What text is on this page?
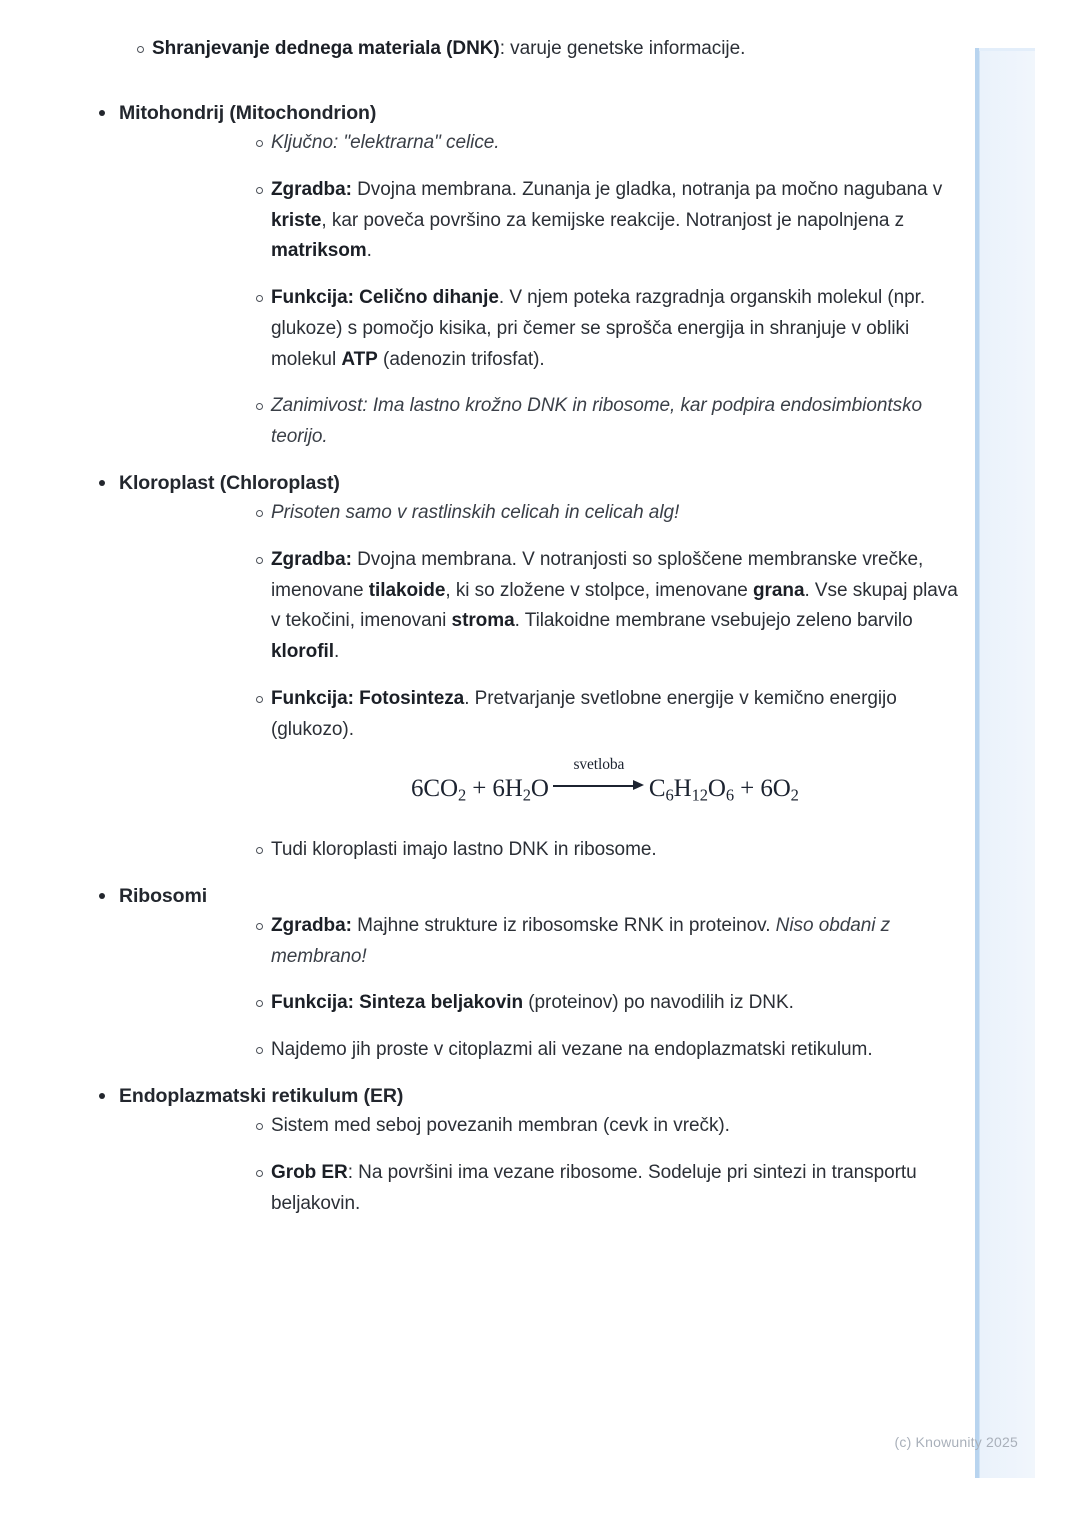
Shranjevanje dednega materiala (DNK): varuje genetske informacije.
Mitohondrij (Mitochondrion)
Ključno: "elektrarna" celice.
Zgradba: Dvojna membrana. Zunanja je gladka, notranja pa močno nagubana v kriste, kar poveča površino za kemijske reakcije. Notranjost je napolnjena z matriksom.
Funkcija: Celično dihanje. V njem poteka razgradnja organskih molekul (npr. glukoze) s pomočjo kisika, pri čemer se sprošča energija in shranjuje v obliki molekul ATP (adenozin trifosfat).
Zanimivost: Ima lastno krožno DNK in ribosome, kar podpira endosimbiontsko teorijo.
Kloroplast (Chloroplast)
Prisoten samo v rastlinskih celicah in celicah alg!
Zgradba: Dvojna membrana. V notranjosti so sploščene membranske vrečke, imenovane tilakoide, ki so zložene v stolpce, imenovane grana. Vse skupaj plava v tekočini, imenovani stroma. Tilakoidne membrane vsebujejo zeleno barvilo klorofil.
Funkcija: Fotosinteza. Pretvarjanje svetlobne energije v kemično energijo (glukozo).
$6CO_2 + 6H_2O$
svetloba
$C_6H_{12}O_6 + 6O_2$
Tudi kloroplasti imajo lastno DNK in ribosome.
Ribosomi
Zgradba: Majhne strukture iz ribosomske RNK in proteinov. Niso obdani z membrano!
Funkcija: Sinteza beljakovin (proteinov) po navodilih iz DNK.
Najdemo jih proste v citoplazmi ali vezane na endoplazmatski retikulum.
Endoplazmatski retikulum (ER)
Sistem med seboj povezanih membran (cevk in vrečk).
Grob ER: Na površini ima vezane ribosome. Sodeluje pri sintezi in transportu beljakovin.
(c) Knowunity 2025
